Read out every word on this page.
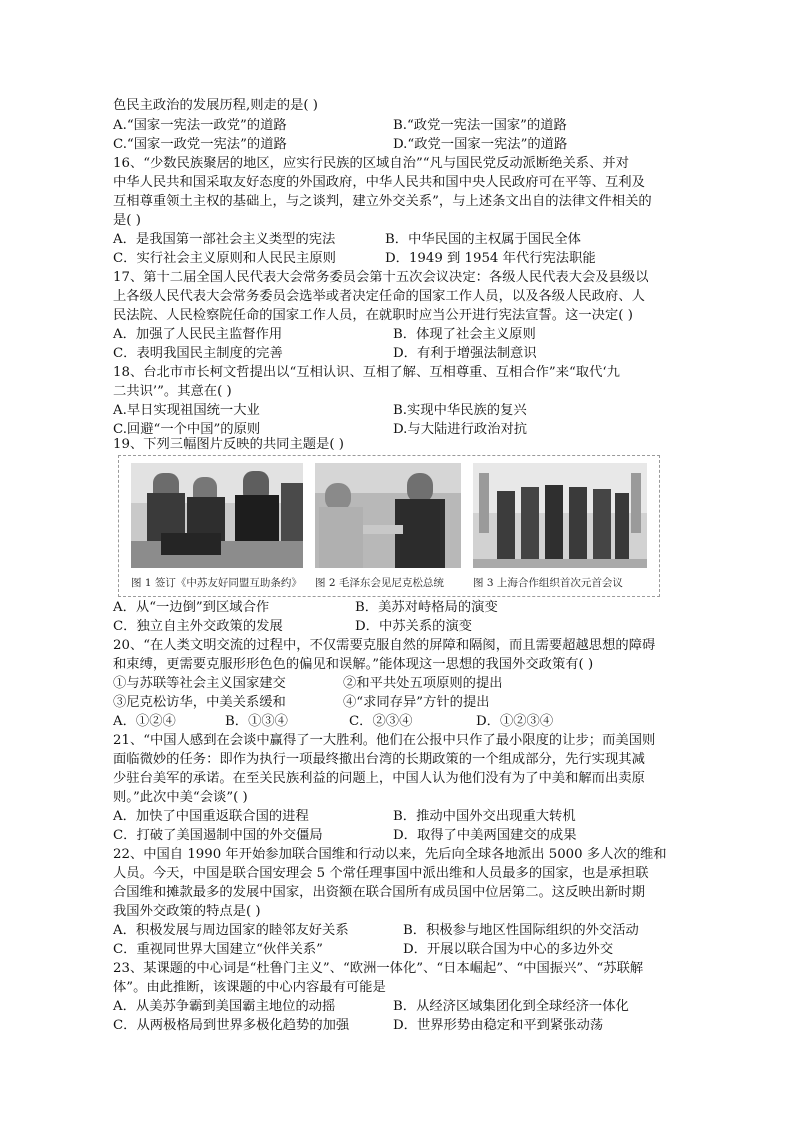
色民主政治的发展历程,则走的是( )
A.“国家一宪法一政党”的道路	B.“政党一宪法一国家”的道路
C.“国家一政党一宪法”的道路	D.“政党一国家一宪法”的道路
16、“少数民族聚居的地区，应实行民族的区域自治”“凡与国民党反动派断绝关系、并对
中华人民共和国采取友好态度的外国政府，中华人民共和国中央人民政府可在平等、互利及
互相尊重领土主权的基础上，与之谈判，建立外交关系”，与上述条文出自的法律文件相关的
是( )
A．是我国第一部社会主义类型的宪法	B．中华民国的主权属于国民全体
C．实行社会主义原则和人民民主原则	D．1949 到 1954 年代行宪法职能
17、第十二届全国人民代表大会常务委员会第十五次会议决定：各级人民代表大会及县级以
上各级人民代表大会常务委员会选举或者决定任命的国家工作人员，以及各级人民政府、人
民法院、人民检察院任命的国家工作人员，在就职时应当公开进行宪法宣誓。这一决定( )
A．加强了人民民主监督作用	B．体现了社会主义原则
C．表明我国民主制度的完善	D．有利于增强法制意识
18、台北市市长柯文哲提出以“互相认识、互相了解、互相尊重、互相合作”来“取代‘九
二共识’”。其意在( )
A.早日实现祖国统一大业	B.实现中华民族的复兴
C.回避“一个中国”的原则	D.与大陆进行政治对抗
19、下列三幅图片反映的共同主题是( )
图 1 签订《中苏友好同盟互助条约》 图 2 毛泽东会见尼克松总统	图 3 上海合作组织首次元首会议
A．从“一边倒”到区域合作	B．美苏对峙格局的演变
C．独立自主外交政策的发展	D．中苏关系的演变
20、“在人类文明交流的过程中，不仅需要克服自然的屏障和隔阂，而且需要超越思想的障碍
和束缚，更需要克服形形色色的偏见和误解。”能体现这一思想的我国外交政策有( )
①与苏联等社会主义国家建交	②和平共处五项原则的提出
③尼克松访华，中美关系缓和	④“求同存异”方针的提出
A．①②④	B．①③④	C．②③④	D．①②③④
21、“中国人感到在会谈中赢得了一大胜利。他们在公报中只作了最小限度的让步；而美国则
面临微妙的任务：即作为执行一项最终撤出台湾的长期政策的一个组成部分，先行实现其减
少驻台美军的承诺。在至关民族利益的问题上，中国人认为他们没有为了中美和解而出卖原
则。”此次中美“会谈”( )
A．加快了中国重返联合国的进程	B．推动中国外交出现重大转机
C．打破了美国遏制中国的外交僵局	D．取得了中美两国建交的成果
22、中国自 1990 年开始参加联合国维和行动以来，先后向全球各地派出 5000 多人次的维和
人员。今天，中国是联合国安理会 5 个常任理事国中派出维和人员最多的国家，也是承担联
合国维和摊款最多的发展中国家，出资额在联合国所有成员国中位居第二。这反映出新时期
我国外交政策的特点是( )
A．积极发展与周边国家的睦邻友好关系	B．积极参与地区性国际组织的外交活动
C．重视同世界大国建立“伙伴关系”	D．开展以联合国为中心的多边外交
23、某课题的中心词是“杜鲁门主义”、“欧洲一体化”、“日本崛起”、“中国振兴”、“苏联解
体”。由此推断，该课题的中心内容最有可能是
A．从美苏争霸到美国霸主地位的动摇	B．从经济区域集团化到全球经济一体化
C．从两极格局到世界多极化趋势的加强	D．世界形势由稳定和平到紧张动荡
